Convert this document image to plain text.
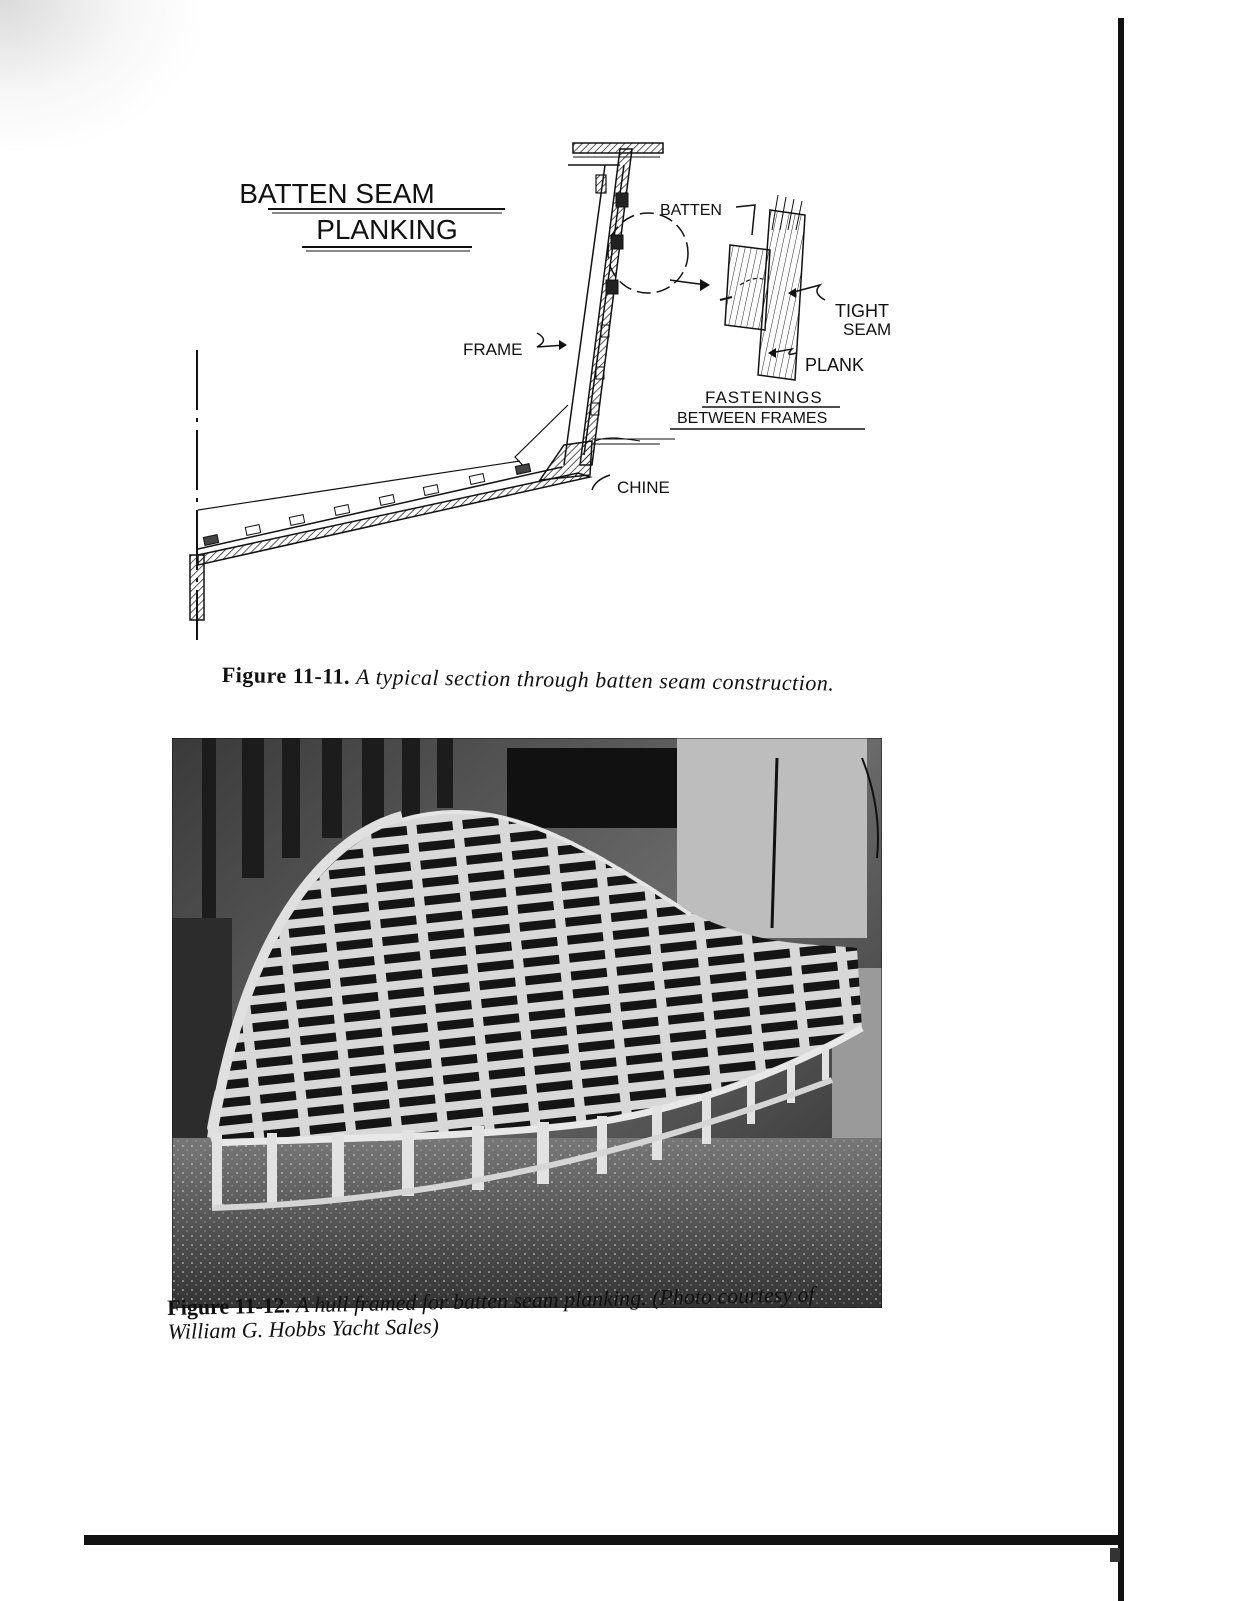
BATTEN SEAM
PLANKING
BATTEN
FRAME
TIGHT
SEAM
PLANK
FASTENINGS
BETWEEN FRAMES
CHINE
Figure 11-11. A typical section through batten seam construction.
Figure 11-12. A hull framed for batten seam planking. (Photo courtesy of William G. Hobbs Yacht Sales)
